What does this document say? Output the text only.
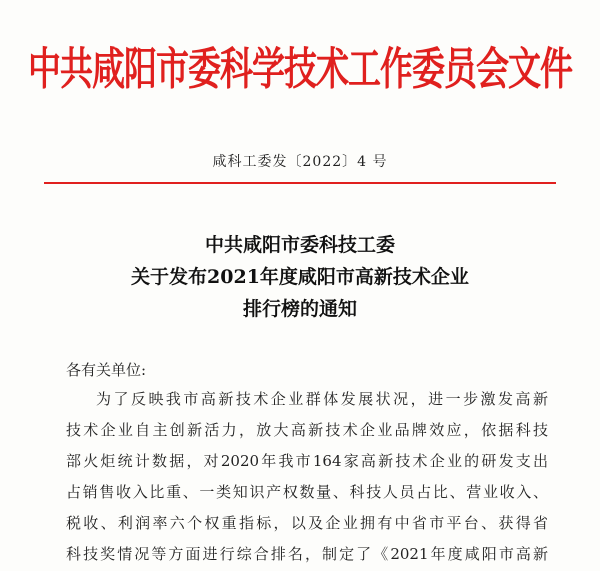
中共咸阳市委科学技术工作委员会文件
咸科工委发〔2022〕4 号
中共咸阳市委科技工委
关于发布2021年度咸阳市高新技术企业
排行榜的通知
各有关单位:
为了反映我市高新技术企业群体发展状况，进一步激发高新
技术企业自主创新活力，放大高新技术企业品牌效应，依据科技
部火炬统计数据，对2020年我市164家高新技术企业的研发支出
占销售收入比重、一类知识产权数量、科技人员占比、营业收入、
税收、利润率六个权重指标，以及企业拥有中省市平台、获得省
科技奖情况等方面进行综合排名，制定了《2021年度咸阳市高新
